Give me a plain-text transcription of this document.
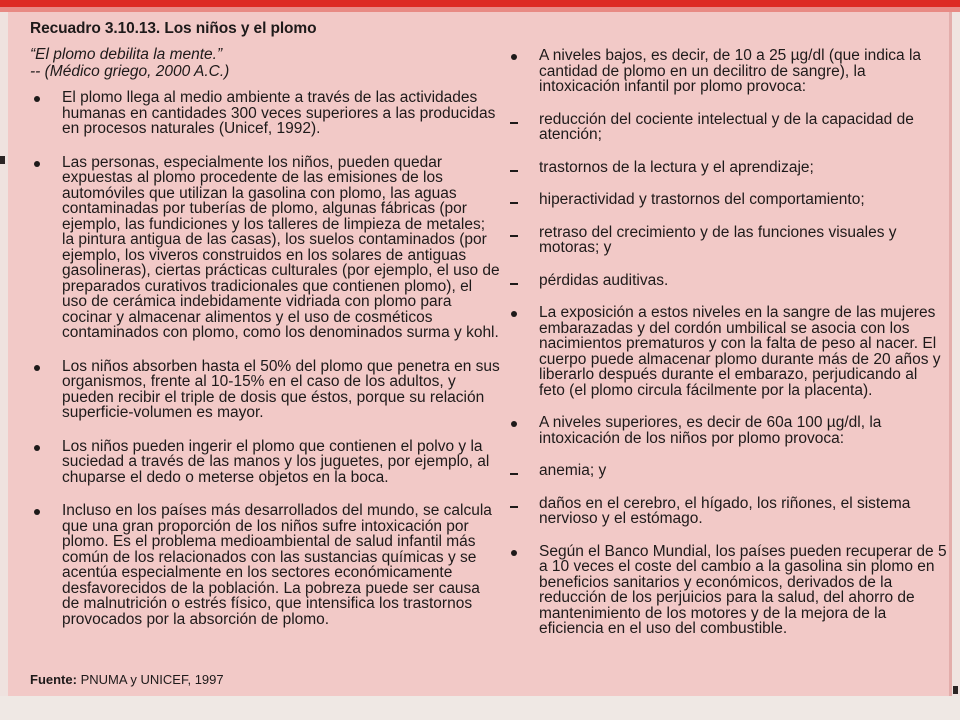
Recuadro 3.10.13. Los niños y el plomo
“El plomo debilita la mente.”
-- (Médico griego, 2000 A.C.)
El plomo llega al medio ambiente a través de las actividades humanas en cantidades 300 veces superiores a las producidas en procesos naturales (Unicef, 1992).
Las personas, especialmente los niños, pueden quedar expuestas al plomo procedente de las emisiones de los automóviles que utilizan la gasolina con plomo, las aguas contaminadas por tuberías de plomo, algunas fábricas (por ejemplo, las fundiciones y los talleres de limpieza de metales; la pintura antigua de las casas), los suelos contaminados (por ejemplo, los viveros construidos en los solares de antiguas gasolineras), ciertas prácticas culturales (por ejemplo, el uso de preparados curativos tradicionales que contienen plomo), el uso de cerámica indebidamente vidriada con plomo para cocinar y almacenar alimentos y el uso de cosméticos contaminados con plomo, como los denominados surma y kohl.
Los niños absorben hasta el 50% del plomo que penetra en sus organismos, frente al 10-15% en el caso de los adultos, y pueden recibir el triple de dosis que éstos, porque su relación superficie-volumen es mayor.
Los niños pueden ingerir el plomo que contienen el polvo y la suciedad a través de las manos y los juguetes, por ejemplo, al chuparse el dedo o meterse objetos en la boca.
Incluso en los países más desarrollados del mundo, se calcula que una gran proporción de los niños sufre intoxicación por plomo. Es el problema medioambiental de salud infantil más común de los relacionados con las sustancias químicas y se acentúa especialmente en los sectores económicamente desfavorecidos de la población. La pobreza puede ser causa de malnutrición o estrés físico, que intensifica los trastornos provocados por la absorción de plomo.
A niveles bajos, es decir, de 10 a 25 µg/dl (que indica la cantidad de plomo en un decilitro de sangre), la intoxicación infantil por plomo provoca:
reducción del cociente intelectual y de la capacidad de atención;
trastornos de la lectura y el aprendizaje;
hiperactividad y trastornos del comportamiento;
retraso del crecimiento y de las funciones visuales y motoras; y
pérdidas auditivas.
La exposición a estos niveles en la sangre de las mujeres embarazadas y del cordón umbilical se asocia con los nacimientos prematuros y con la falta de peso al nacer. El cuerpo puede almacenar plomo durante más de 20 años y liberarlo después durante el embarazo, perjudicando al feto (el plomo circula fácilmente por la placenta).
A niveles superiores, es decir de 60a 100 µg/dl, la intoxicación de los niños por plomo provoca:
anemia; y
daños en el cerebro, el hígado, los riñones, el sistema nervioso y el estómago.
Según el Banco Mundial, los países pueden recuperar de 5 a 10 veces el coste del cambio a la gasolina sin plomo en beneficios sanitarios y económicos, derivados de la reducción de los perjuicios para la salud, del ahorro de mantenimiento de los motores y de la mejora de la eficiencia en el uso del combustible.
Fuente: PNUMA y UNICEF, 1997
